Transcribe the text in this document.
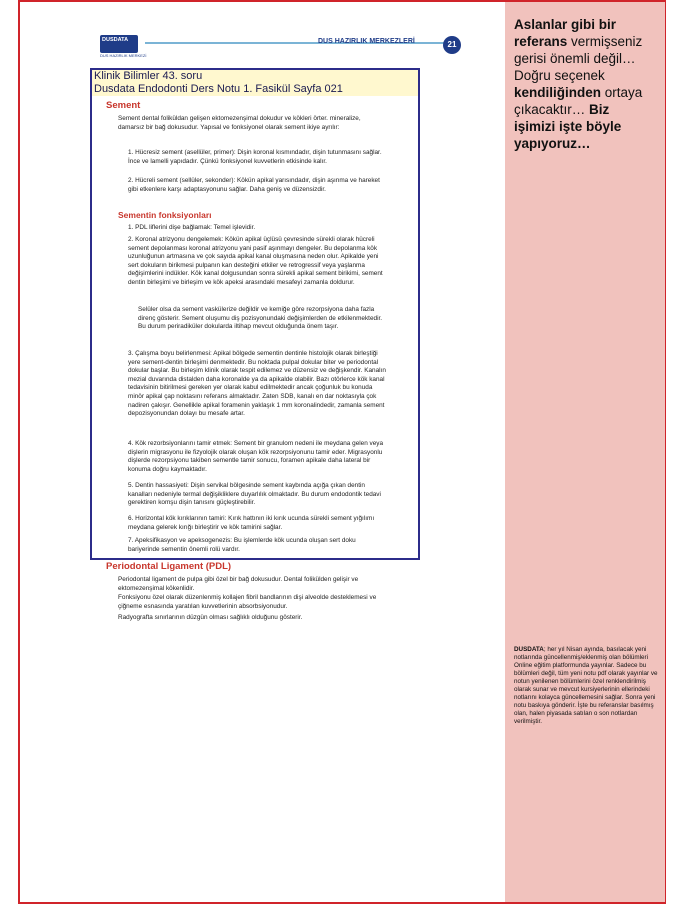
DUSDATA
DUS HAZIRLIK MERKEZİ
DUS HAZIRLIK MERKEZLERİ	21
Sement
Sement dental foliküldan gelişen ektomezenşimal dokudur ve kökleri örter. mineralize, damarsız bir bağ dokusudur. Yapısal ve fonksiyonel olarak sement ikiye ayrılır:
1. Hücresiz sement (asellüler, primer): Dişin koronal kısmındadır, dişin tutunmasını sağlar. İnce ve lamelli yapıdadır. Çünkü fonksiyonel kuvvetlerin etkisinde kalır.
2. Hücreli sement (sellüler, sekonder): Kökün apikal yarısındadır, dişin aşınma ve hareket gibi etkenlere karşı adaptasyonunu sağlar. Daha geniş ve düzensizdir.
Sementin fonksiyonları
1. PDL liflerini dişe bağlamak: Temel işlevidir.
2. Koronal atrizyonu dengelemek: Kökün apikal üçlüsü çevresinde sürekli olarak hücreli sement depolanması koronal atrizyonu yani pasif aşınmayı dengeler. Bu depolanma kök uzunluğunun artmasına ve çok sayıda apikal kanal oluşmasına neden olur. Apikalde yeni sert dokuların birikmesi pulpanın kan desteğini etkiler ve retrogressif veya yaşlanma değişimlerini indükler. Kök kanal dolgusundan sonra sürekli apikal sement birikimi, sement dentin birleşimi ve birleşim ve kök apeksi arasındaki mesafeyi zamanla doldurur.
Selüler olsa da sement vaskülerize değildir ve kemiğe göre rezorpsiyona daha fazla direnç gösterir. Sement oluşumu diş pozisyonundaki değişimlerden de etkilenmektedir. Bu durum periradiküler dokularda iltihap mevcut olduğunda önem taşır.
3. Çalışma boyu belirlenmesi: Apikal bölgede sementin dentinle histolojik olarak birleştiği yere sement-dentin birleşimi denmektedir. Bu noktada pulpal dokular biter ve periodontal dokular başlar. Bu birleşim klinik olarak tespit edilemez ve düzensiz ve değişkendir. Kanalın mezial duvarında distalden daha koronalde ya da apikalde olabilir. Bazı otörlerce kök kanal tedavisinin bitirilmesi gereken yer olarak kabul edilmektedir ancak çoğunluk bu konuda minör apikal çap noktasını referans almaktadır. Zaten SDB, kanalı en dar noktasıyla çok nadiren çakışır. Genellikle apikal foramenin yaklaşık 1 mm koronalindedir, zamanla sement depozisyonundan dolayı bu mesafe artar.
4. Kök rezorbsiyonlarını tamir etmek: Sement bir granulom nedeni ile meydana gelen veya dişlerin migrasyonu ile fizyolojik olarak oluşan kök rezorpsiyonunu tamir eder. Migrasyonlu dişlerde rezorpsiyonu takiben sementle tamir sonucu, foramen apikale daha lateral bir konuma doğru kaymaktadır.
5. Dentin hassasiyeti: Dişin servikal bölgesinde sement kaybında açığa çıkan dentin kanalları nedeniyle termal değişikliklere duyarlılık olmaktadır. Bu durum endodontik tedavi gerektiren komşu dişin tanısını güçleştirebilir.
6. Horizontal kök kırıklarının tamiri: Kırık hattının iki kırık ucunda sürekli sement yığılımı meydana gelerek kırığı birleştirir ve kök tamirini sağlar.
7. Apeksifikasyon ve apeksogenezis: Bu işlemlerde kök ucunda oluşan sert doku bariyerinde sementin önemli rolü vardır.
Periodontal Ligament (PDL)
Periodontal ligament de pulpa gibi özel bir bağ dokusudur. Dental folikülden gelişir ve ektomezenşimal kökenlidir.
Fonksiyonu özel olarak düzenlenmiş kollajen fibril bandlarının dişi alveolde desteklemesi ve çiğneme esnasında yaratılan kuvvetlerinin absorbsiyonudur.
Radyografta sınırlarının düzgün olması sağlıklı olduğunu gösterir.
Klinik Bilimler 43. soru
Dusdata Endodonti Ders Notu 1. Fasikül Sayfa 021
Aslanlar gibi bir referans vermişseniz gerisi önemli değil… Doğru seçenek kendiliğinden ortaya çıkacaktır… Biz işimizi işte böyle yapıyoruz…
DUSDATA; her yıl Nisan ayında, basılacak yeni notlarında güncellenmiş/eklenmiş olan bölümleri Online eğitim platformunda yayınlar. Sadece bu bölümleri değil, tüm yeni notu pdf olarak yayınlar ve notun yenilenen bölümlerini özel renklendirilmiş olarak sunar ve mevcut kursiyerlerinin ellerindeki notlarını kolayca güncellemesini sağlar. Sonra yeni notu baskıya gönderir. İşte bu referanslar basılmış olan, halen piyasada satılan o son notlardan verilmiştir.
